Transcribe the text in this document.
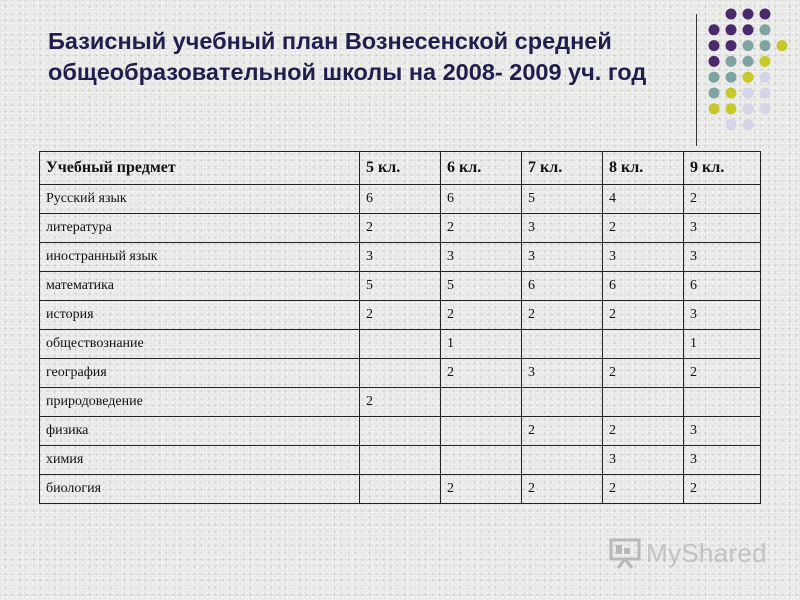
Базисный учебный план Вознесенской средней общеобразовательной школы на 2008- 2009 уч. год
Учебный предмет	5 кл.	6 кл.	7 кл.	8 кл.	9 кл.
Русский язык	6	6	5	4	2
литература	2	2	3	2	3
иностранный язык	3	3	3	3	3
математика	5	5	6	6	6
история	2	2	2	2	3
обществознание		1			1
география		2	3	2	2
природоведение	2				
физика			2	2	3
химия				3	3
биология		2	2	2	2
MyShared
